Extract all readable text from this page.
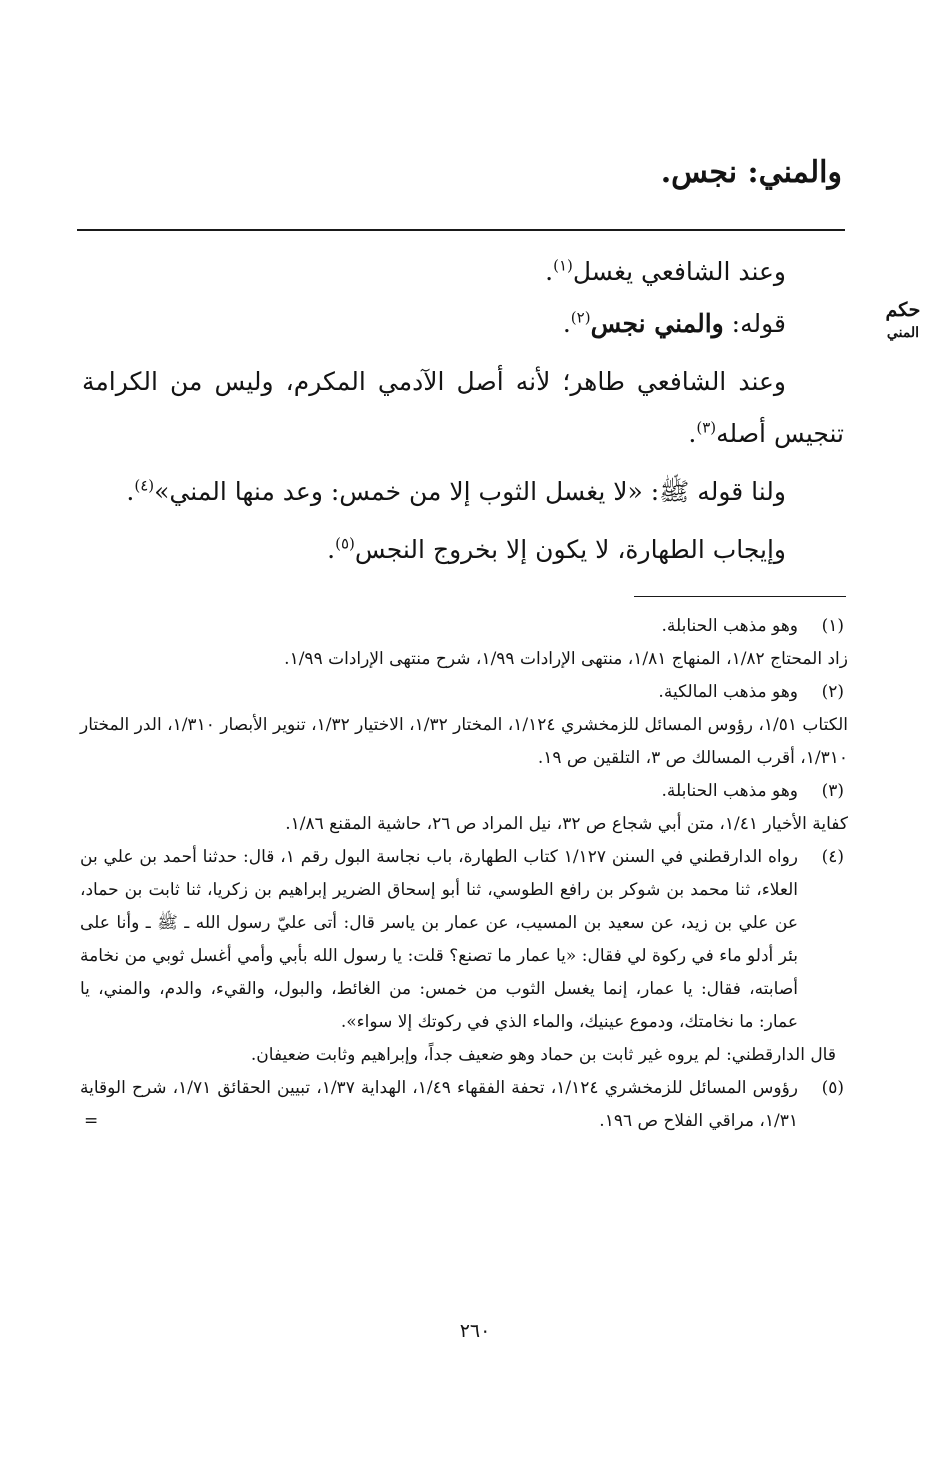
والمني: نجس.
حكم
المني

وعند الشافعي يغسل$^{(١)}$.

قوله: والمني نجس$^{(٢)}$.

وعند الشافعي طاهر؛ لأنه أصل الآدمي المكرم، وليس من الكرامة تنجيس أصله$^{(٣)}$.

ولنا قوله ﷺ: «لا يغسل الثوب إلا من خمس: وعد منها المني»$^{(٤)}$.

وإيجاب الطهارة، لا يكون إلا بخروج النجس$^{(٥)}$.

(١)

وهو مذهب الحنابلة.

زاد المحتاج ١/٨٢، المنهاج ١/٨١، منتهى الإرادات ١/٩٩، شرح منتهى الإرادات ١/٩٩.

(٢)

وهو مذهب المالكية.

الكتاب ١/٥١، رؤوس المسائل للزمخشري ١/١٢٤، المختار ١/٣٢، الاختيار ١/٣٢، تنوير الأبصار ١/٣١٠، الدر المختار ١/٣١٠، أقرب المسالك ص ٣، التلقين ص ١٩.

(٣)

وهو مذهب الحنابلة.

كفاية الأخيار ١/٤١، متن أبي شجاع ص ٣٢، نيل المراد ص ٢٦، حاشية المقنع ١/٨٦.

(٤)

رواه الدارقطني في السنن ١/١٢٧ كتاب الطهارة، باب نجاسة البول رقم ١، قال: حدثنا أحمد بن علي بن العلاء، ثنا محمد بن شوكر بن رافع الطوسي، ثنا أبو إسحاق الضرير إبراهيم بن زكريا، ثنا ثابت بن حماد، عن علي بن زيد، عن سعيد بن المسيب، عن عمار بن ياسر قال: أتى عليّ رسول الله ـ ﷺ ـ وأنا على بئر أدلو ماء في ركوة لي فقال: «يا عمار ما تصنع؟ قلت: يا رسول الله بأبي وأمي أغسل ثوبي من نخامة أصابته، فقال: يا عمار، إنما يغسل الثوب من خمس: من الغائط، والبول، والقيء، والدم، والمني، يا عمار: ما نخامتك، ودموع عينيك، والماء الذي في ركوتك إلا سواء».

قال الدارقطني: لم يروه غير ثابت بن حماد وهو ضعيف جداً، وإبراهيم وثابت ضعيفان.

(٥)

رؤوس المسائل للزمخشري ١/١٢٤، تحفة الفقهاء ١/٤٩، الهداية ١/٣٧، تبيين الحقائق ١/٧١، شرح الوقاية ١/٣١، مراقي الفلاح ص ١٩٦.

=

٢٦٠
